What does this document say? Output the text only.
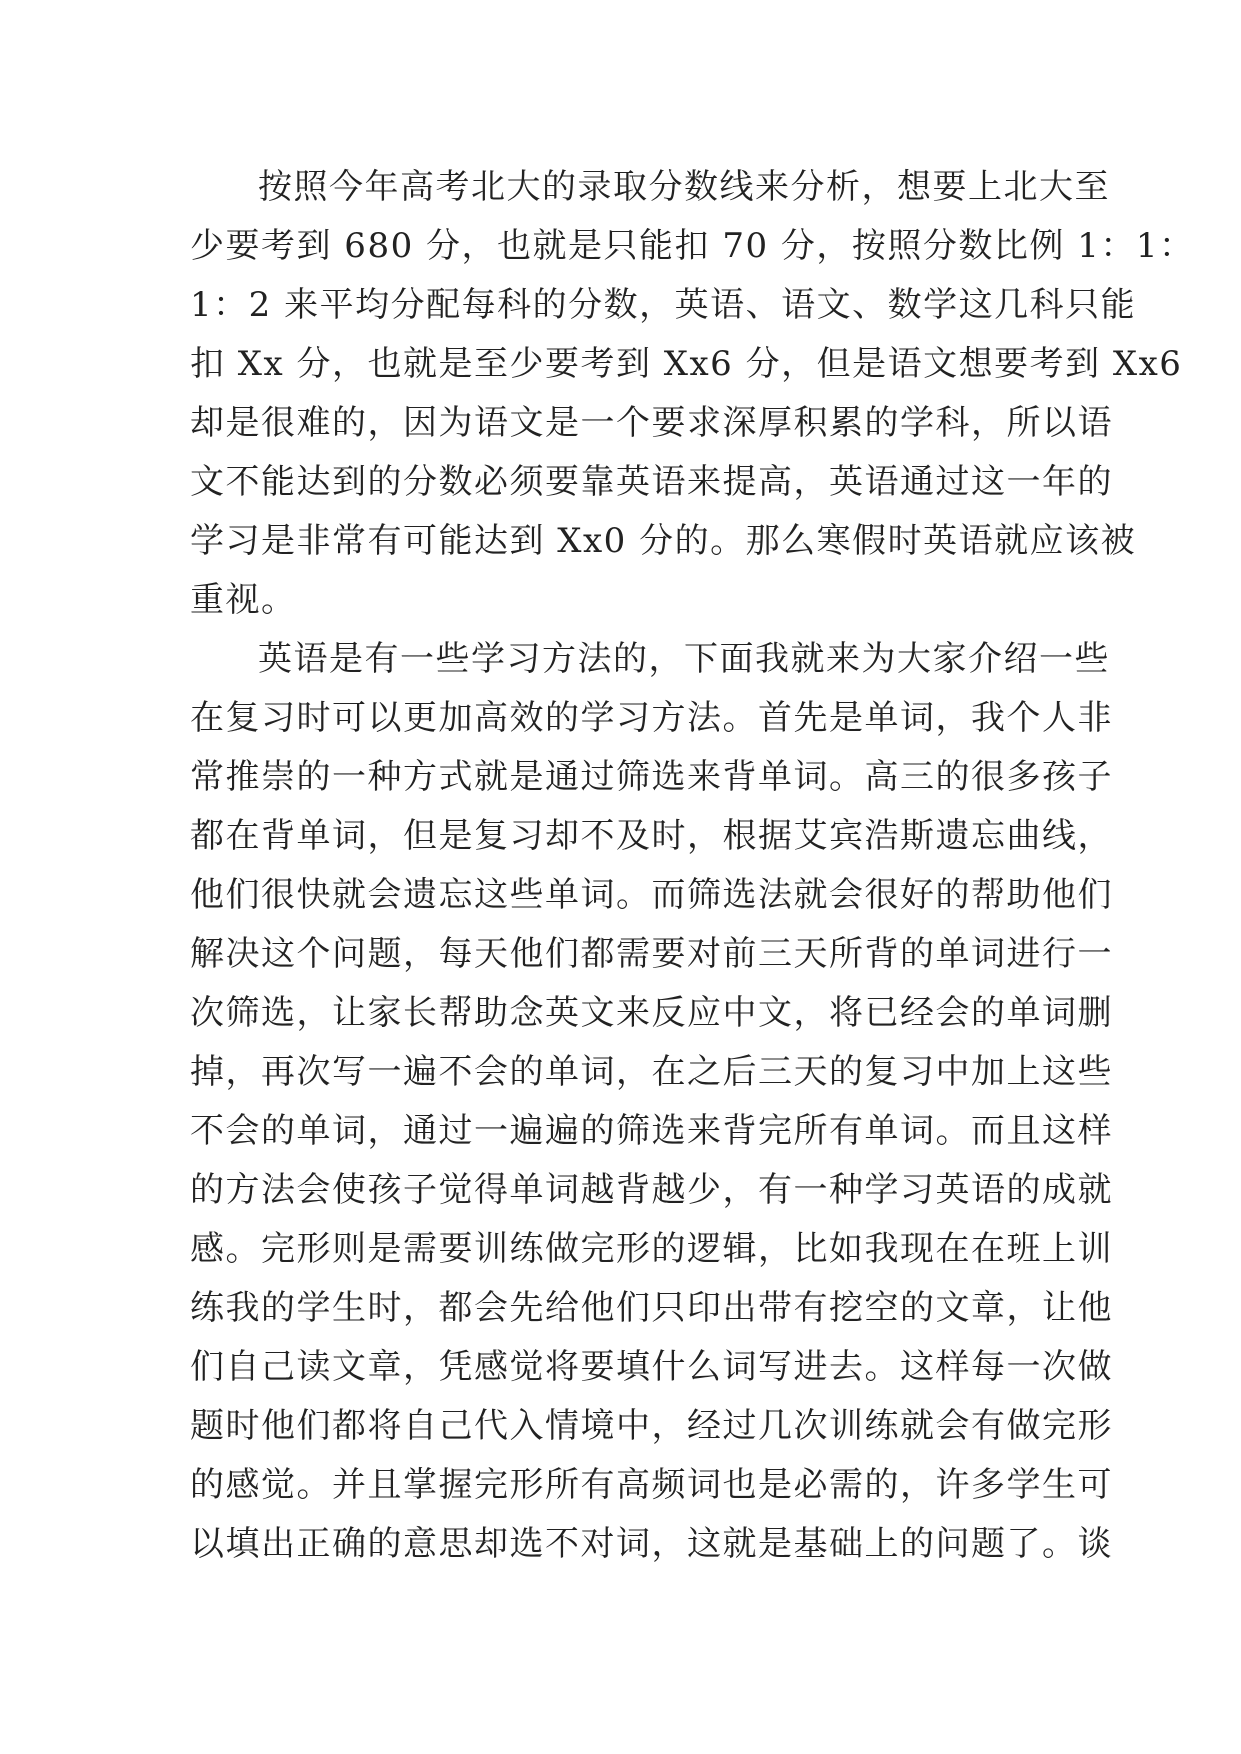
按照今年高考北大的录取分数线来分析，想要上北大至
少要考到 680 分，也就是只能扣 70 分，按照分数比例 1：1：
1：2 来平均分配每科的分数，英语、语文、数学这几科只能
扣 Xx 分，也就是至少要考到 Xx6 分，但是语文想要考到 Xx6
却是很难的，因为语文是一个要求深厚积累的学科，所以语
文不能达到的分数必须要靠英语来提高，英语通过这一年的
学习是非常有可能达到 Xx0 分的。那么寒假时英语就应该被
重视。
英语是有一些学习方法的，下面我就来为大家介绍一些
在复习时可以更加高效的学习方法。首先是单词，我个人非
常推崇的一种方式就是通过筛选来背单词。高三的很多孩子
都在背单词，但是复习却不及时，根据艾宾浩斯遗忘曲线，
他们很快就会遗忘这些单词。而筛选法就会很好的帮助他们
解决这个问题，每天他们都需要对前三天所背的单词进行一
次筛选，让家长帮助念英文来反应中文，将已经会的单词删
掉，再次写一遍不会的单词，在之后三天的复习中加上这些
不会的单词，通过一遍遍的筛选来背完所有单词。而且这样
的方法会使孩子觉得单词越背越少，有一种学习英语的成就
感。完形则是需要训练做完形的逻辑，比如我现在在班上训
练我的学生时，都会先给他们只印出带有挖空的文章，让他
们自己读文章，凭感觉将要填什么词写进去。这样每一次做
题时他们都将自己代入情境中，经过几次训练就会有做完形
的感觉。并且掌握完形所有高频词也是必需的，许多学生可
以填出正确的意思却选不对词，这就是基础上的问题了。谈
